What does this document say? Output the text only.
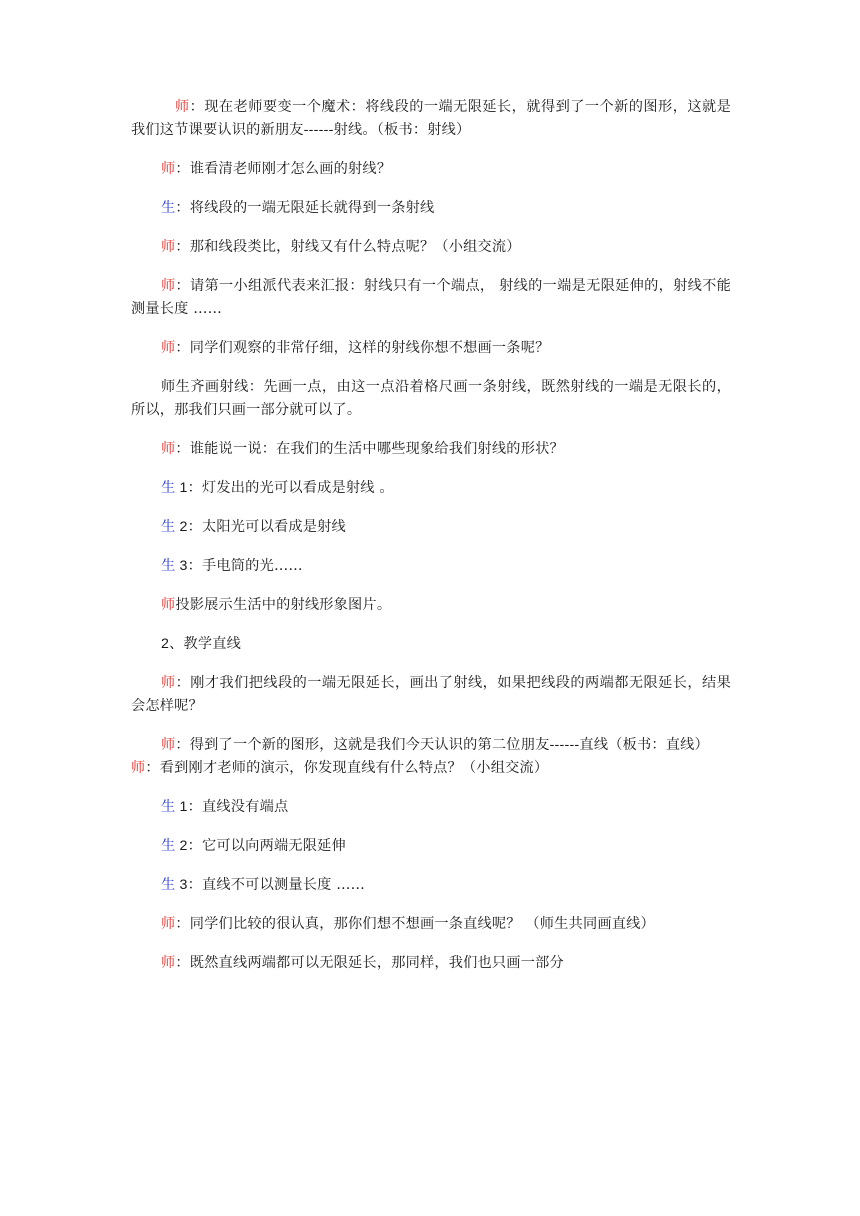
师：现在老师要变一个魔术：将线段的一端无限延长，就得到了一个新的图形，这就是我们这节课要认识的新朋友------射线。（板书：射线）

师：谁看清老师刚才怎么画的射线？

生：将线段的一端无限延长就得到一条射线

师：那和线段类比，射线又有什么特点呢？（小组交流）

师：请第一小组派代表来汇报：射线只有一个端点， 射线的一端是无限延伸的，射线不能测量长度 ……

师：同学们观察的非常仔细，这样的射线你想不想画一条呢？

师生齐画射线：先画一点，由这一点沿着格尺画一条射线，既然射线的一端是无限长的，所以，那我们只画一部分就可以了。

师：谁能说一说：在我们的生活中哪些现象给我们射线的形状？

生 1：灯发出的光可以看成是射线 。

生 2：太阳光可以看成是射线

生 3：手电筒的光……

师投影展示生活中的射线形象图片。

2、教学直线

师：刚才我们把线段的一端无限延长，画出了射线，如果把线段的两端都无限延长，结果会怎样呢？

师：得到了一个新的图形，这就是我们今天认识的第二位朋友------直线（板书：直线）

师：看到刚才老师的演示，你发现直线有什么特点？（小组交流）

生 1：直线没有端点

生 2：它可以向两端无限延伸

生 3：直线不可以测量长度 ……

师：同学们比较的很认真，那你们想不想画一条直线呢？ （师生共同画直线）

师：既然直线两端都可以无限延长，那同样，我们也只画一部分
